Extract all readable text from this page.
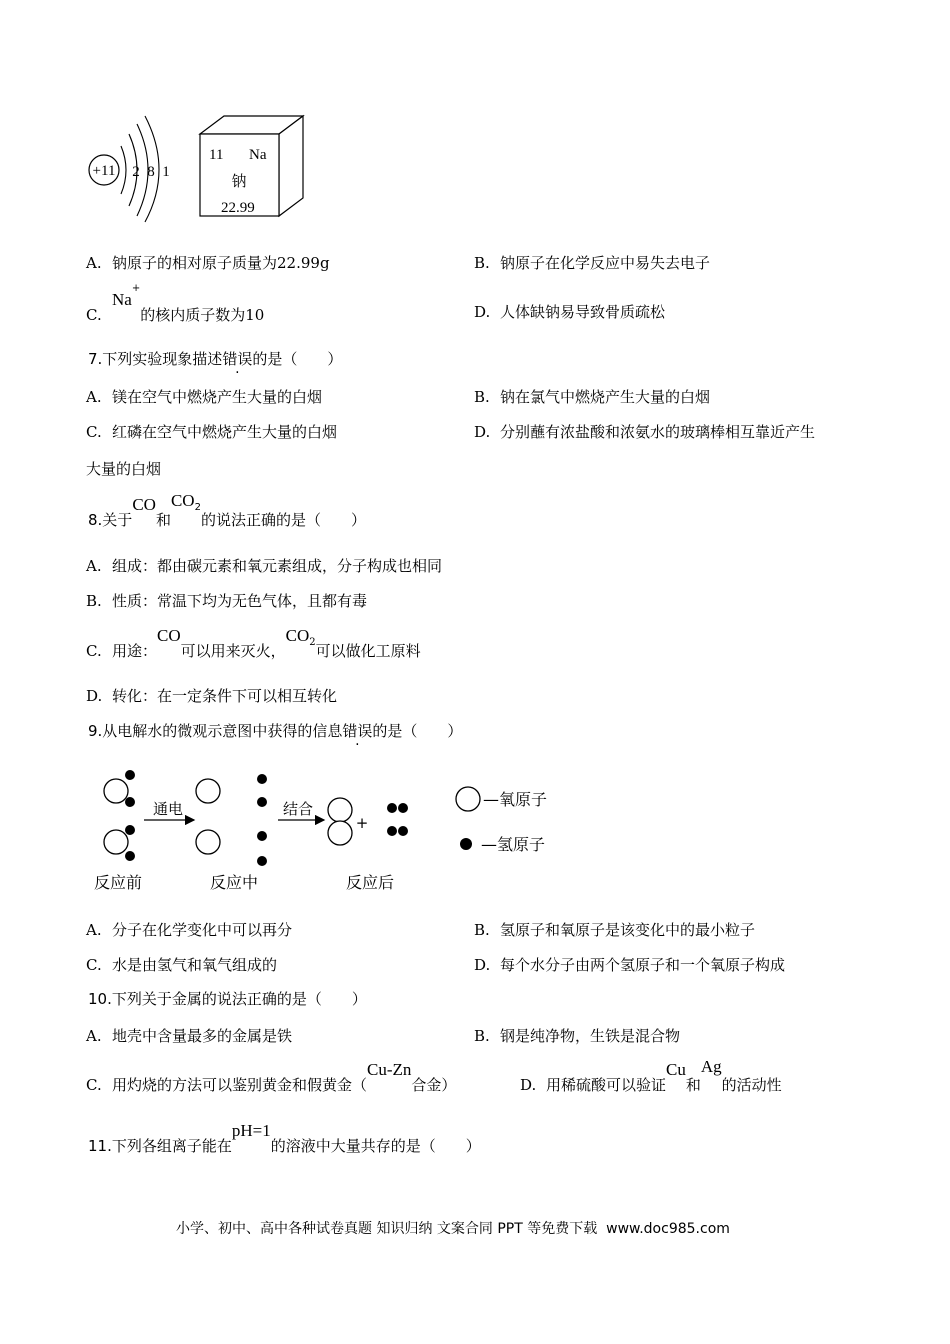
+11 2 8 1
11 Na
钠
22.99
A. 钠原子的相对原子质量为22.99g	B. 钠原子在化学反应中易失去电子
C.Na+的核内质子数为10	D. 人体缺钠易导致骨质疏松
7.下列实验现象描述错误的是（　　）
A. 镁在空气中燃烧产生大量的白烟	B. 钠在氯气中燃烧产生大量的白烟
C. 红磷在空气中燃烧产生大量的白烟	D. 分别蘸有浓盐酸和浓氨水的玻璃棒相互靠近产生
大量的白烟
8.关于CO和$CO_2$的说法正确的是（　　）
A. 组成：都由碳元素和氧元素组成，分子构成也相同
B. 性质：常温下均为无色气体，且都有毒
C. 用途：CO可以用来灭火，$CO_2$可以做化工原料
D. 转化：在一定条件下可以相互转化
9.从电解水的微观示意图中获得的信息错误的是（　　）
通电	结合
+
反应前	反应中	反应后
—氧原子
—氢原子
A. 分子在化学变化中可以再分	B. 氢原子和氧原子是该变化中的最小粒子
C. 水是由氢气和氧气组成的	D. 每个水分子由两个氢原子和一个氧原子构成
10.下列关于金属的说法正确的是（　　）
A. 地壳中含量最多的金属是铁	B. 钢是纯净物，生铁是混合物
C. 用灼烧的方法可以鉴别黄金和假黄金（Cu-Zn合金）	D. 用稀硫酸可以验证Cu和Ag的活动性
11.下列各组离子能在pH=1的溶液中大量共存的是（　　）
小学、初中、高中各种试卷真题 知识归纳 文案合同 PPT 等免费下载 www.doc985.com
